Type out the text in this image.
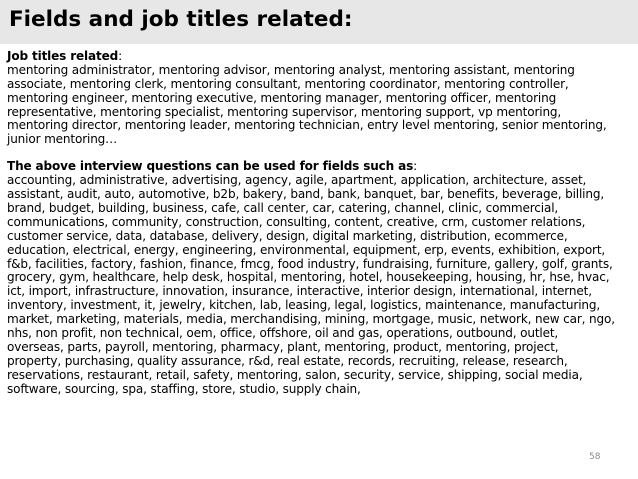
Fields and job titles related:

Job titles related:

mentoring administrator, mentoring advisor, mentoring analyst, mentoring assistant, mentoring
associate, mentoring clerk, mentoring consultant, mentoring coordinator, mentoring controller,
mentoring engineer, mentoring executive, mentoring manager, mentoring officer, mentoring
representative, mentoring specialist, mentoring supervisor, mentoring support, vp mentoring,
mentoring director, mentoring leader, mentoring technician, entry level mentoring, senior mentoring,
junior mentoring…

The above interview questions can be used for fields such as:

accounting, administrative, advertising, agency, agile, apartment, application, architecture, asset,
assistant, audit, auto, automotive, b2b, bakery, band, bank, banquet, bar, benefits, beverage, billing,
brand, budget, building, business, cafe, call center, car, catering, channel, clinic, commercial,
communications, community, construction, consulting, content, creative, crm, customer relations,
customer service, data, database, delivery, design, digital marketing, distribution, ecommerce,
education, electrical, energy, engineering, environmental, equipment, erp, events, exhibition, export,
f&b, facilities, factory, fashion, finance, fmcg, food industry, fundraising, furniture, gallery, golf, grants,
grocery, gym, healthcare, help desk, hospital, mentoring, hotel, housekeeping, housing, hr, hse, hvac,
ict, import, infrastructure, innovation, insurance, interactive, interior design, international, internet,
inventory, investment, it, jewelry, kitchen, lab, leasing, legal, logistics, maintenance, manufacturing,
market, marketing, materials, media, merchandising, mining, mortgage, music, network, new car, ngo,
nhs, non profit, non technical, oem, office, offshore, oil and gas, operations, outbound, outlet,
overseas, parts, payroll, mentoring, pharmacy, plant, mentoring, product, mentoring, project,
property, purchasing, quality assurance, r&d, real estate, records, recruiting, release, research,
reservations, restaurant, retail, safety, mentoring, salon, security, service, shipping, social media,
software, sourcing, spa, staffing, store, studio, supply chain,
58
